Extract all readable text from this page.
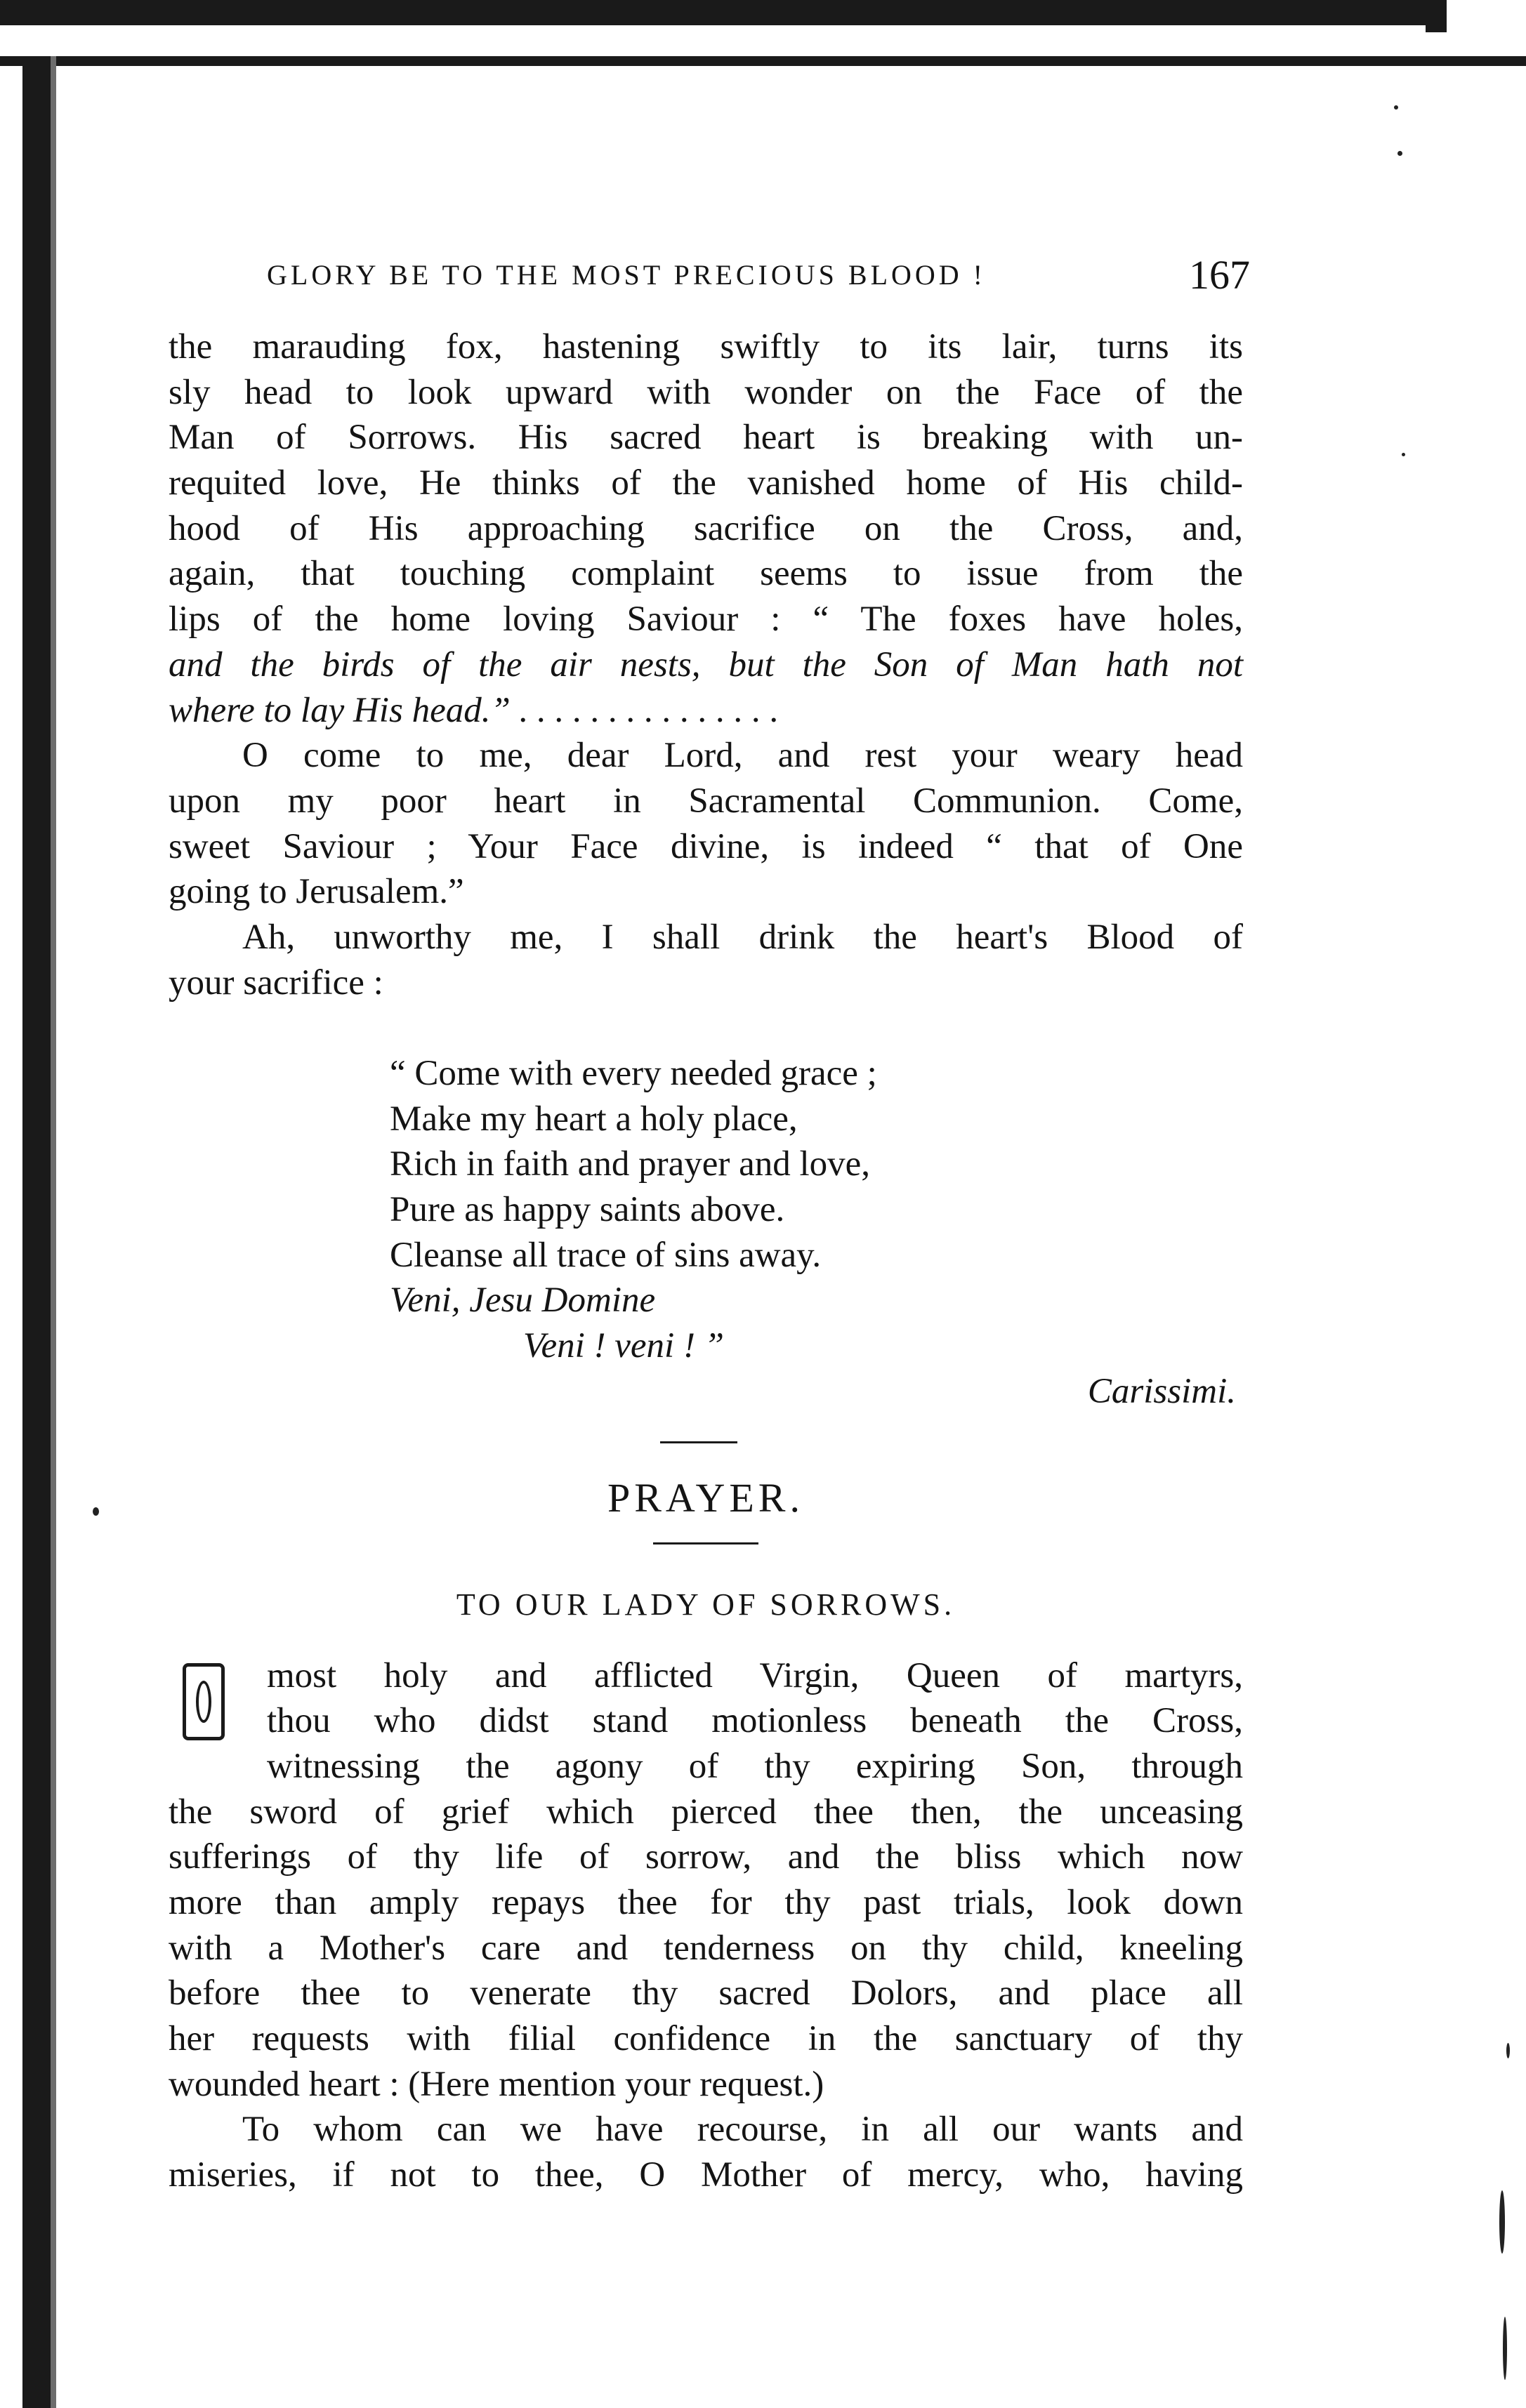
GLORY BE TO THE MOST PRECIOUS BLOOD !	167
the marauding fox, hastening swiftly to its lair, turns its
sly head to look upward with wonder on the Face of the
Man of Sorrows. His sacred heart is breaking with un-
requited love, He thinks of the vanished home of His child-
hood of His approaching sacrifice on the Cross, and,
again, that touching complaint seems to issue from the
lips of the home loving Saviour : “ The foxes have holes,
and the birds of the air nests, but the Son of Man hath not
where to lay His head.” . . . . . . . . . . . . . . .
O come to me, dear Lord, and rest your weary head
upon my poor heart in Sacramental Communion. Come,
sweet Saviour ; Your Face divine, is indeed “ that of One
going to Jerusalem.”
Ah, unworthy me, I shall drink the heart's Blood of
your sacrifice :
“ Come with every needed grace ;
Make my heart a holy place,
Rich in faith and prayer and love,
Pure as happy saints above.
Cleanse all trace of sins away.
Veni, Jesu Domine
Veni ! veni ! ”
Carissimi.
PRAYER.
TO OUR LADY OF SORROWS.
most holy and afflicted Virgin, Queen of martyrs,
thou who didst stand motionless beneath the Cross,
witnessing the agony of thy expiring Son, through
the sword of grief which pierced thee then, the unceasing
sufferings of thy life of sorrow, and the bliss which now
more than amply repays thee for thy past trials, look down
with a Mother's care and tenderness on thy child, kneeling
before thee to venerate thy sacred Dolors, and place all
her requests with filial confidence in the sanctuary of thy
wounded heart : (Here mention your request.)
To whom can we have recourse, in all our wants and
miseries, if not to thee, O Mother of mercy, who, having
